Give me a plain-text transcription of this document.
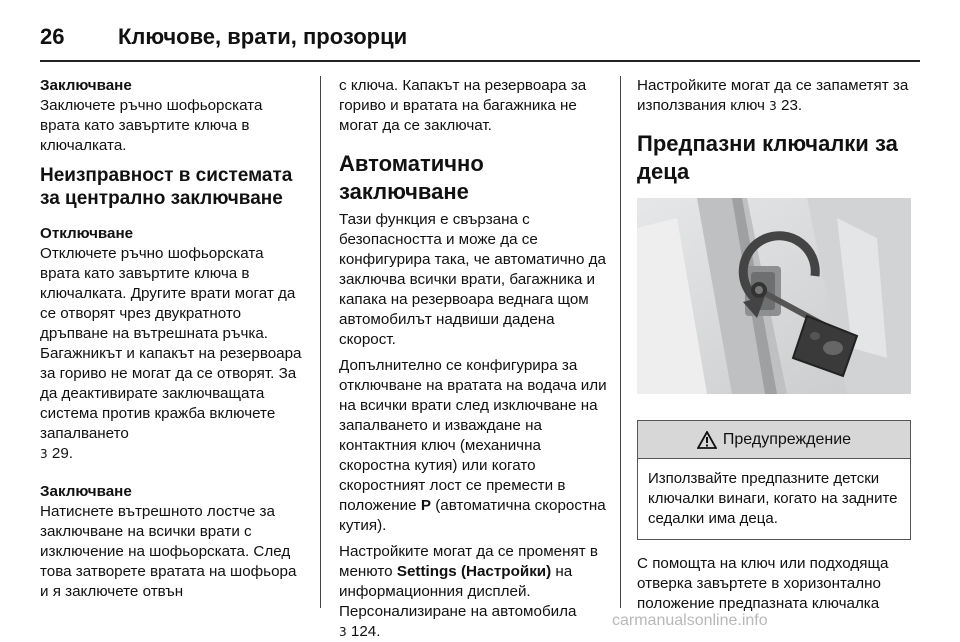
26	Ключове, врати, прозорци
Заключване
Заключете ръчно шофьорската врата като завъртите ключа в ключалката.
Неизправност в системата за централно заключване
Отключване
Отключете ръчно шофьорската врата като завъртите ключа в ключалката. Другите врати могат да се отворят чрез двукратното дръпване на вътрешната ръчка. Багажникът и капакът на резервоара за гориво не могат да се отворят. За да деактивирате заключващата система против кражба включете запалването
3 29.
Заключване
Натиснете вътрешното лостче за заключване на всички врати с изключение на шофьорската. След това затворете вратата на шофьора и я заключете отвън
с ключа. Капакът на резервоара за гориво и вратата на багажника не могат да се заключат.
Автоматично заключване
Тази функция е свързана с безопасността и може да се конфигурира така, че автоматично да заключва всички врати, багажника и капака на резервоара веднага щом автомобилът надвиши дадена скорост.
Допълнително се конфигурира за отключване на вратата на водача или на всички врати след изключване на запалването и изваждане на контактния ключ (механична скоростна кутия) или когато скоростният лост се премести в положение P (автоматична скоростна кутия).
Настройките могат да се променят в менюто Settings (Настройки) на информационния дисплей. Персонализиране на автомобила
3 124.
Настройките могат да се запаметят за използвания ключ 3 23.
Предпазни ключалки за деца
Предупреждение
Използвайте предпазните детски ключалки винаги, когато на задните седалки има деца.
С помощта на ключ или подходяща отверка завъртете в хоризонтално положение предпазната ключалка
carmanualsonline.info
